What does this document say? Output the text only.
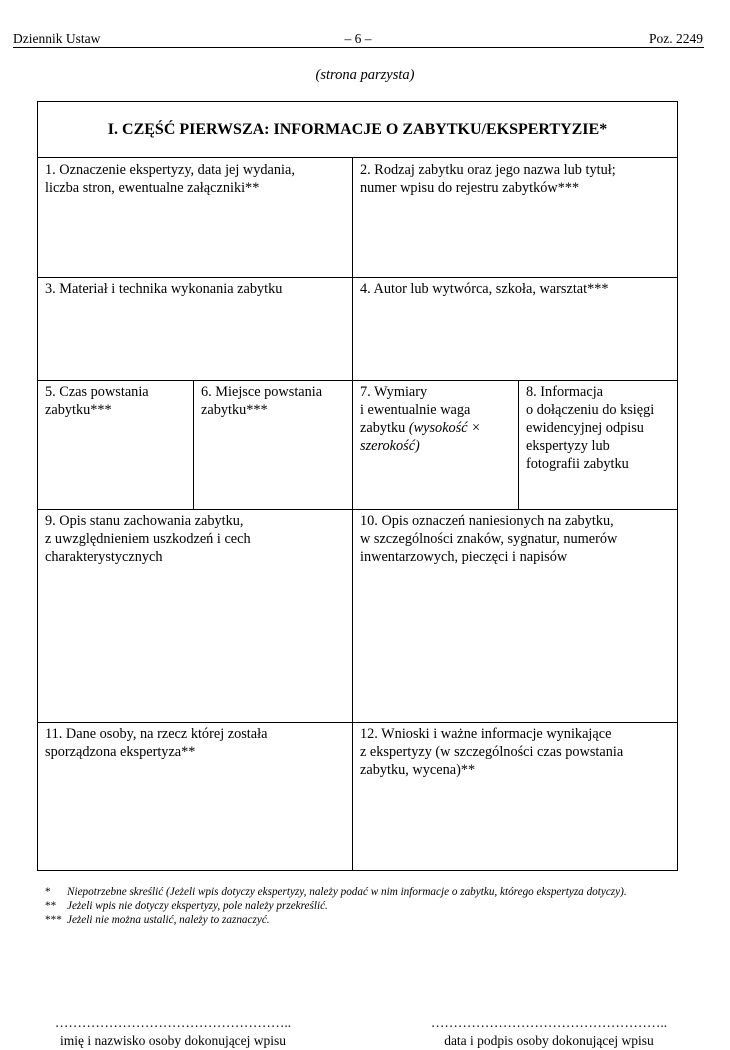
Dziennik Ustaw	– 6 –	Poz. 2249
(strona parzysta)
I. CZĘŚĆ PIERWSZA: INFORMACJE O ZABYTKU/EKSPERTYZIE*
1. Oznaczenie ekspertyzy, data jej wydania,
liczba stron, ewentualne załączniki**
2. Rodzaj zabytku oraz jego nazwa lub tytuł;
numer wpisu do rejestru zabytków***
3. Materiał i technika wykonania zabytku	4. Autor lub wytwórca, szkoła, warsztat***
5. Czas powstania
zabytku***
6. Miejsce powstania
zabytku***
7. Wymiary
i ewentualnie waga
zabytku (wysokość ×
szerokość)
8. Informacja
o dołączeniu do księgi
ewidencyjnej odpisu
ekspertyzy lub
fotografii zabytku
9. Opis stanu zachowania zabytku,
z uwzględnieniem uszkodzeń i cech
charakterystycznych
10. Opis oznaczeń naniesionych na zabytku,
w szczególności znaków, sygnatur, numerów
inwentarzowych, pieczęci i napisów
11. Dane osoby, na rzecz której została
sporządzona ekspertyza**
12. Wnioski i ważne informacje wynikające
z ekspertyzy (w szczególności czas powstania
zabytku, wycena)**
* Niepotrzebne skreślić (Jeżeli wpis dotyczy ekspertyzy, należy podać w nim informacje o zabytku, którego ekspertyza dotyczy).
** Jeżeli wpis nie dotyczy ekspertyzy, pole należy przekreślić.
*** Jeżeli nie można ustalić, należy to zaznaczyć.
……………………………………………..
imię i nazwisko osoby dokonującej wpisu
……………………………………………..
data i podpis osoby dokonującej wpisu
